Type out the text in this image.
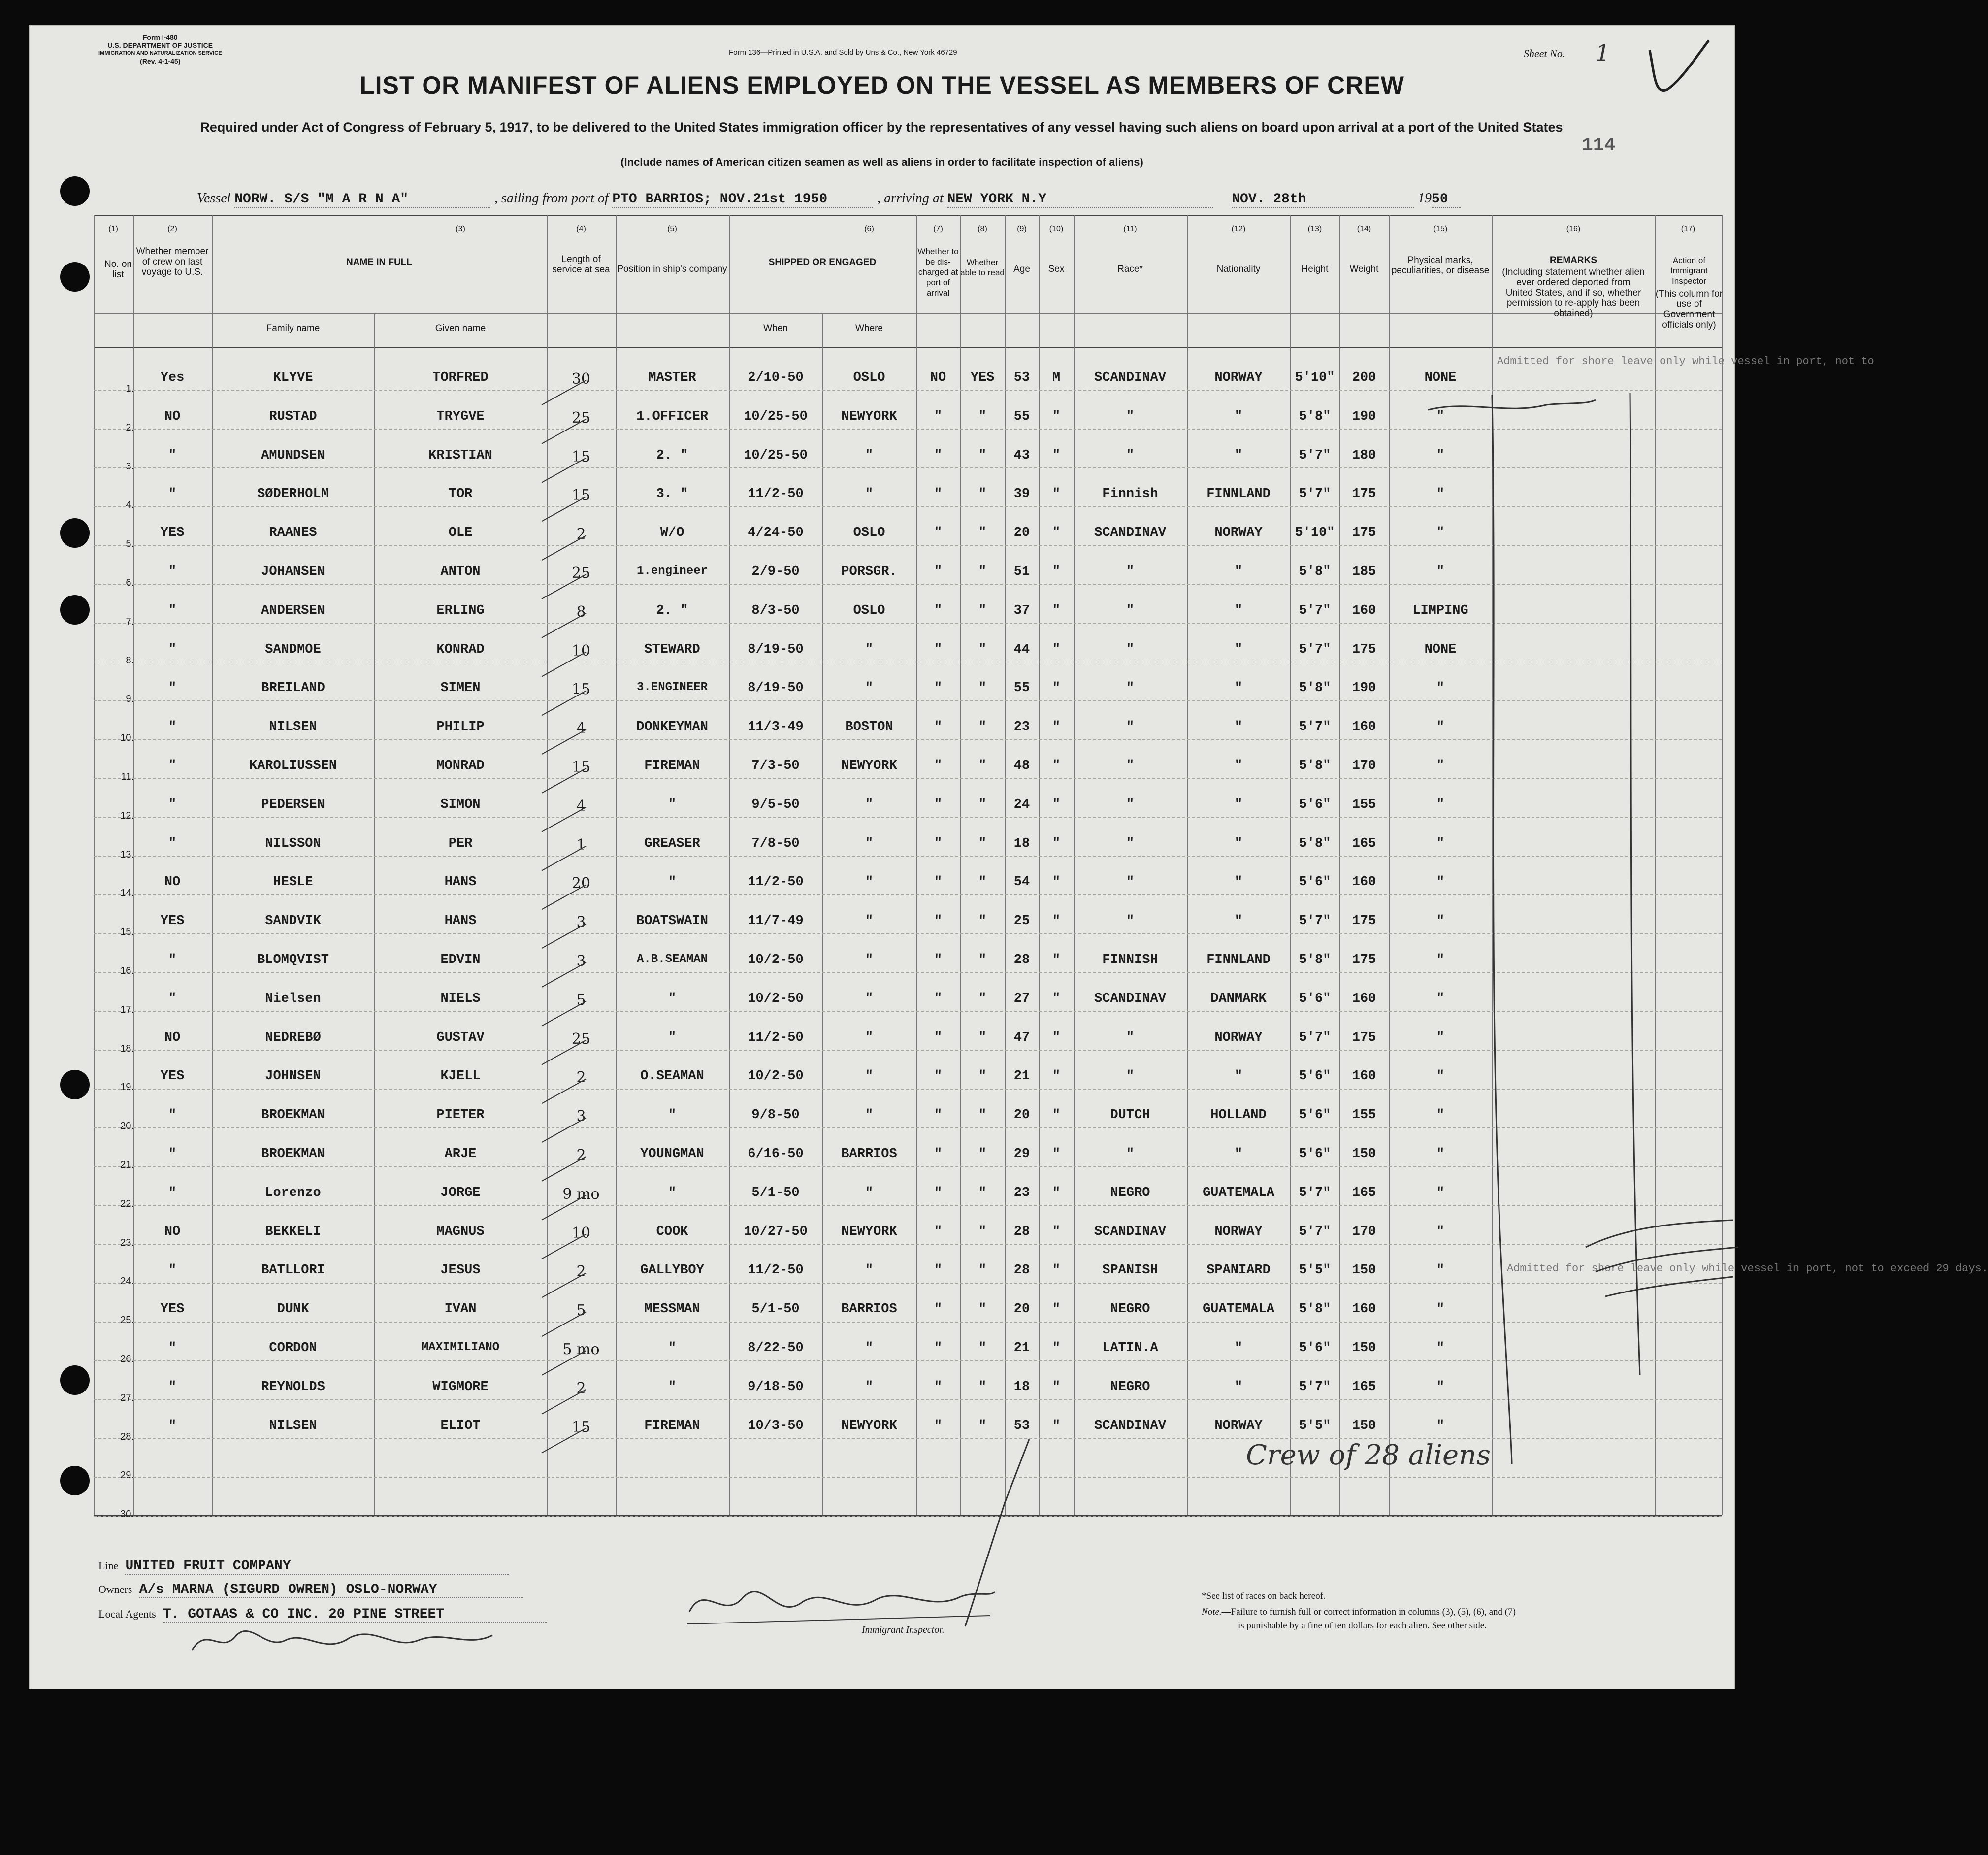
Form I-480
U.S. DEPARTMENT OF JUSTICE
IMMIGRATION AND NATURALIZATION SERVICE
(Rev. 4-1-45)
Form 136—Printed in U.S.A. and Sold by Uns & Co., New York 46729	Sheet No. 1
LIST OR MANIFEST OF ALIENS EMPLOYED ON THE VESSEL AS MEMBERS OF CREW
Required under Act of Congress of February 5, 1917, to be delivered to the United States immigration officer by the representatives of any vessel having such aliens on board upon arrival at a port of the United States
(Include names of American citizen seamen as well as aliens in order to facilitate inspection of aliens)
114
Vessel NORW. S/S "M A R N A"	, sailing from port of PTO BARRIOS; NOV.21st 1950	, arriving at NEW YORK N.Y	NOV. 28th	1950
(1)	(2)	(3)	(4)	(5)	(6)	(7)	(8)	(9)	(10)	(11)	(12)	(13)	(14)	(15)	(16)	(17)
No. on list
Whether member of crew on last voyage to U.S.
NAME IN FULL
Family name	Given name
Length of service at sea Position in ship's company
SHIPPED OR ENGAGED
When	Where
Whether to be dis-charged at port of arrival
Whether able to read Age	Sex	Race*	Nationality	Height	Weight
Physical marks, peculiarities, or disease
REMARKS
(Including statement whether alien ever ordered deported from United States, and if so, whether permission to re-apply has been obtained)
Action of Immigrant Inspector
(This column for use of Government officials only)
1.
Yes	KLYVE	TORFRED	30	MASTER	2/10-50	OSLO	NO	YES	53	M	SCANDINAV	NORWAY	5'10"	200	NONE
2.
NO	RUSTAD	TRYGVE	25	1.OFFICER	10/25-50	NEWYORK	"	"	55	"	"	"	5'8"	190	"
3.
"	AMUNDSEN	KRISTIAN	15	2. "	10/25-50	"	"	"	43	"	"	"	5'7"	180	"
4.
"	SØDERHOLM	TOR	15	3. "	11/2-50	"	"	"	39	"	Finnish	FINNLAND	5'7"	175	"
5.
YES	RAANES	OLE	2	W/O	4/24-50	OSLO	"	"	20	"	SCANDINAV	NORWAY	5'10"	175	"
6.
"	JOHANSEN	ANTON	25	1.engineer	2/9-50	PORSGR.	"	"	51	"	"	"	5'8"	185	"
7.
"	ANDERSEN	ERLING	8	2. "	8/3-50	OSLO	"	"	37	"	"	"	5'7"	160	LIMPING
8.
"	SANDMOE	KONRAD	10	STEWARD	8/19-50	"	"	"	44	"	"	"	5'7"	175	NONE
9.
"	BREILAND	SIMEN	15	3.ENGINEER	8/19-50	"	"	"	55	"	"	"	5'8"	190	"
10.
"	NILSEN	PHILIP	4	DONKEYMAN	11/3-49	BOSTON	"	"	23	"	"	"	5'7"	160	"
11.
"	KAROLIUSSEN	MONRAD	15	FIREMAN	7/3-50	NEWYORK	"	"	48	"	"	"	5'8"	170	"
12.
"	PEDERSEN	SIMON	4	"	9/5-50	"	"	"	24	"	"	"	5'6"	155	"
13.
"	NILSSON	PER	1	GREASER	7/8-50	"	"	"	18	"	"	"	5'8"	165	"
14.
NO	HESLE	HANS	20	"	11/2-50	"	"	"	54	"	"	"	5'6"	160	"
15.
YES	SANDVIK	HANS	3	BOATSWAIN	11/7-49	"	"	"	25	"	"	"	5'7"	175	"
16.
"	BLOMQVIST	EDVIN	3	A.B.SEAMAN	10/2-50	"	"	"	28	"	FINNISH	FINNLAND	5'8"	175	"
17.
"	Nielsen	NIELS	5	"	10/2-50	"	"	"	27	"	SCANDINAV	DANMARK	5'6"	160	"
18.
NO	NEDREBØ	GUSTAV	25	"	11/2-50	"	"	"	47	"	"	NORWAY	5'7"	175	"
19.
YES	JOHNSEN	KJELL	2	O.SEAMAN	10/2-50	"	"	"	21	"	"	"	5'6"	160	"
20.
"	BROEKMAN	PIETER	3	"	9/8-50	"	"	"	20	"	DUTCH	HOLLAND	5'6"	155	"
21.
"	BROEKMAN	ARJE	2	YOUNGMAN	6/16-50	BARRIOS	"	"	29	"	"	"	5'6"	150	"
22.
"	Lorenzo	JORGE	9 mo	"	5/1-50	"	"	"	23	"	NEGRO	GUATEMALA	5'7"	165	"
23.
NO	BEKKELI	MAGNUS	10	COOK	10/27-50	NEWYORK	"	"	28	"	SCANDINAV	NORWAY	5'7"	170	"
24.
"	BATLLORI	JESUS	2	GALLYBOY	11/2-50	"	"	"	28	"	SPANISH	SPANIARD	5'5"	150	"
25.
YES	DUNK	IVAN	5	MESSMAN	5/1-50	BARRIOS	"	"	20	"	NEGRO	GUATEMALA	5'8"	160	"
26.
"	CORDON	MAXIMILIANO	5 mo	"	8/22-50	"	"	"	21	"	LATIN.A	"	5'6"	150	"
27.
"	REYNOLDS	WIGMORE	2	"	9/18-50	"	"	"	18	"	NEGRO	"	5'7"	165	"
28.
"	NILSEN	ELIOT	15	FIREMAN	10/3-50	NEWYORK	"	"	53	"	SCANDINAV	NORWAY	5'5"	150	"
29.
30.
Admitted for shore leave only while vessel in port, not to
Admitted for shore leave only while vessel in port, not to exceed 29 days.
Crew of 28 aliens
Line UNITED FRUIT COMPANY
Owners A/s MARNA (SIGURD OWREN) OSLO-NORWAY
Local Agents T. GOTAAS & CO INC. 20 PINE STREET
Immigrant Inspector.
*See list of races on back hereof.
Note.—Failure to furnish full or correct information in columns (3), (5), (6), and (7)
is punishable by a fine of ten dollars for each alien. See other side.
